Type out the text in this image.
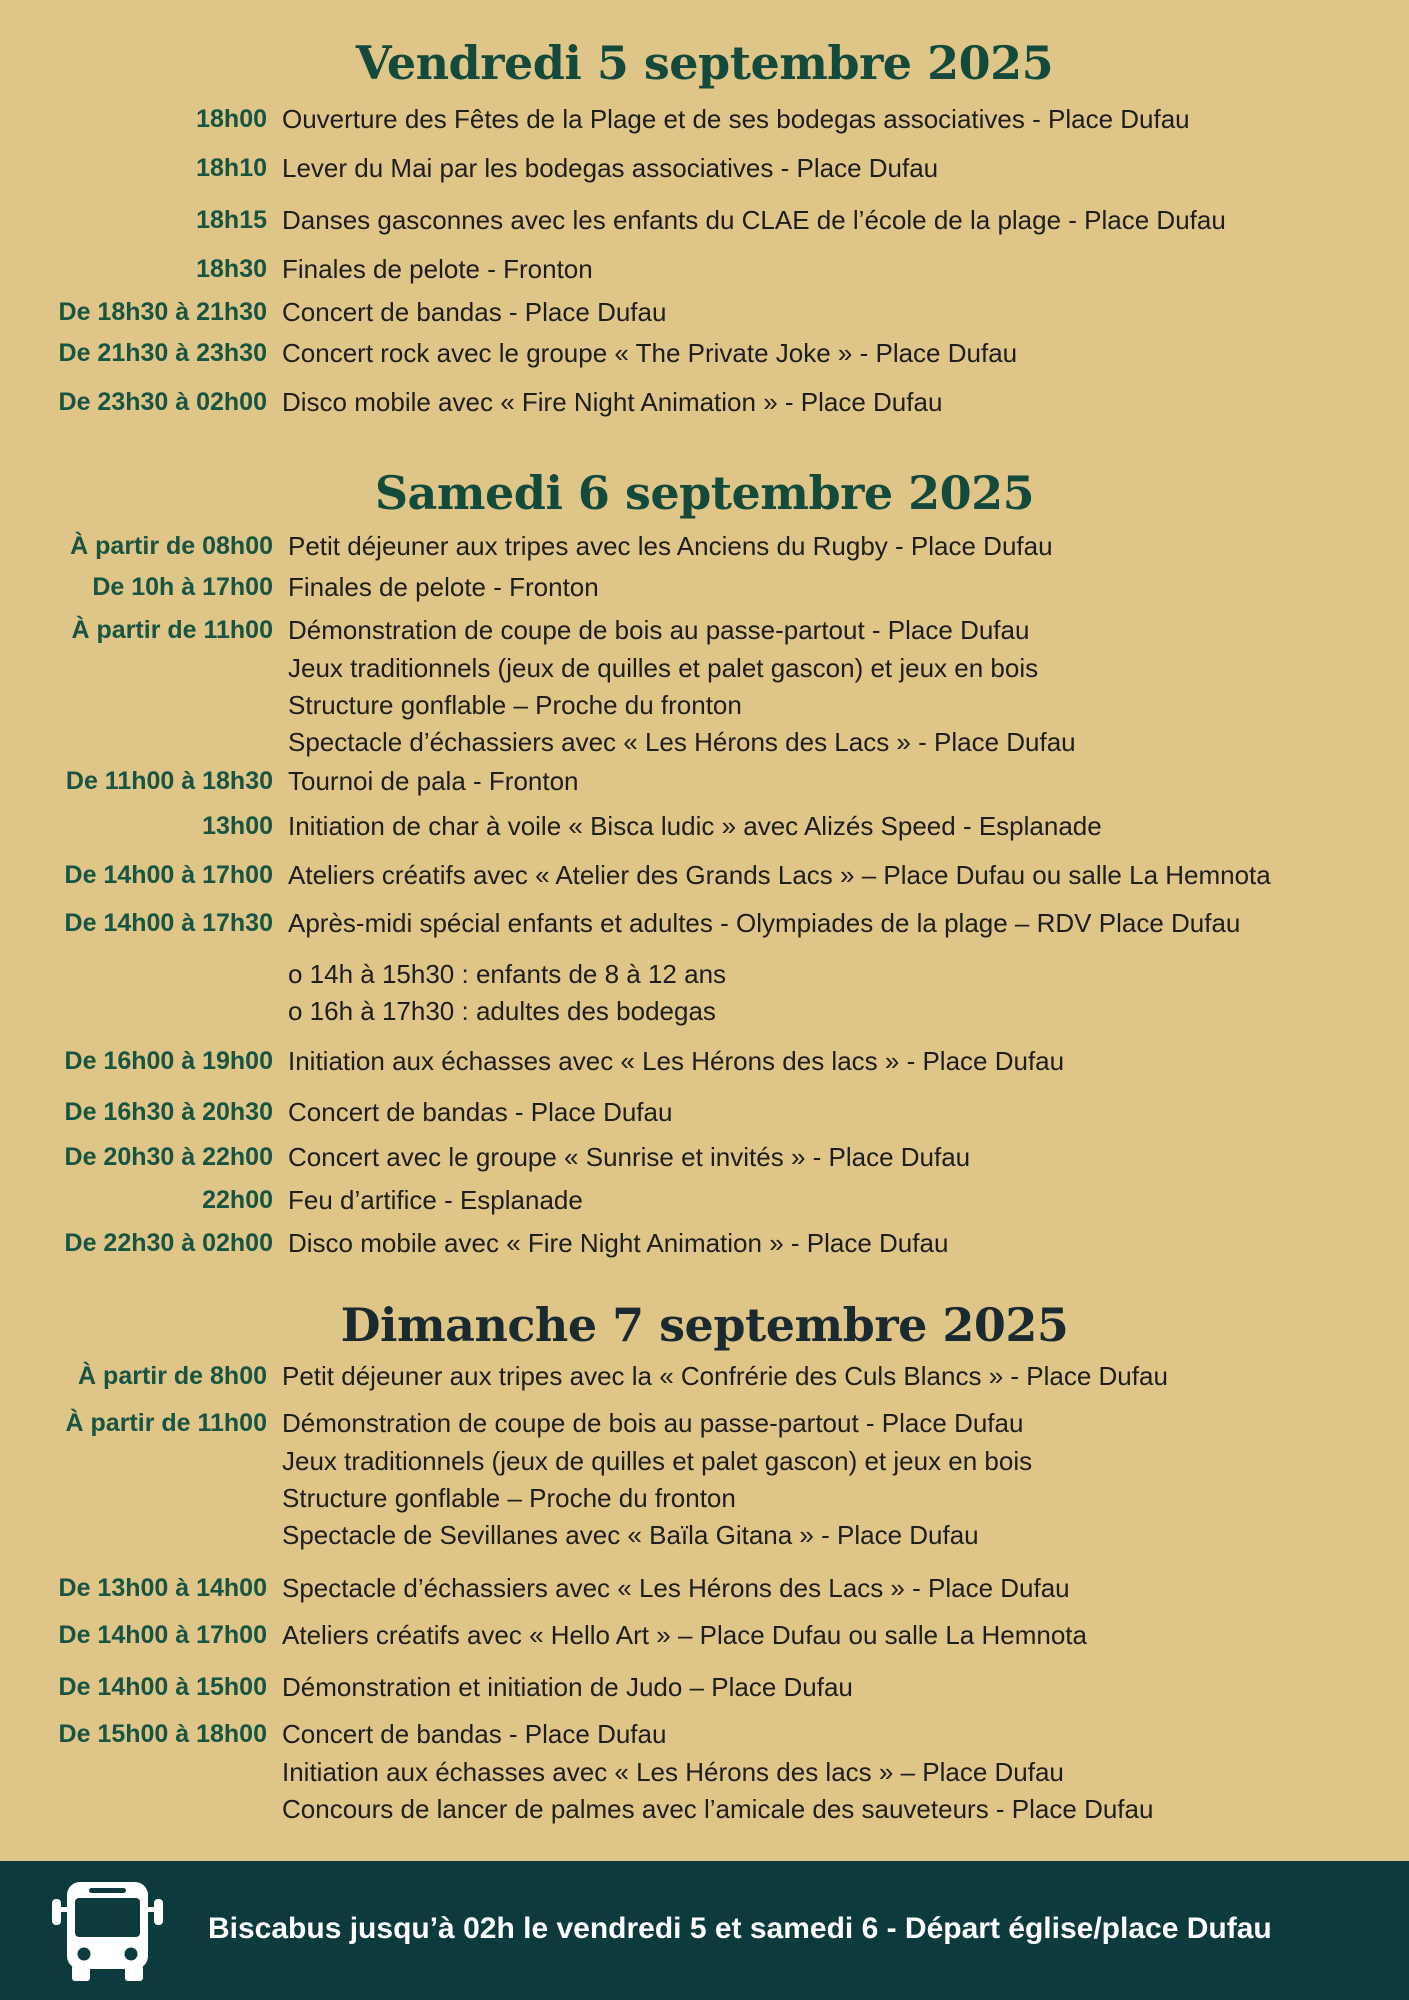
Vendredi 5 septembre 2025
18h00 Ouverture des Fêtes de la Plage et de ses bodegas associatives - Place Dufau
18h10 Lever du Mai par les bodegas associatives - Place Dufau
18h15 Danses gasconnes avec les enfants du CLAE de l’école de la plage - Place Dufau
18h30 Finales de pelote - Fronton
De 18h30 à 21h30 Concert de bandas - Place Dufau
De 21h30 à 23h30 Concert rock avec le groupe « The Private Joke » - Place Dufau
De 23h30 à 02h00 Disco mobile avec « Fire Night Animation » - Place Dufau
Samedi 6 septembre 2025
À partir de 08h00 Petit déjeuner aux tripes avec les Anciens du Rugby - Place Dufau
De 10h à 17h00 Finales de pelote - Fronton
À partir de 11h00 Démonstration de coupe de bois au passe-partout - Place Dufau
Jeux traditionnels (jeux de quilles et palet gascon) et jeux en bois
Structure gonflable – Proche du fronton
Spectacle d’échassiers avec « Les Hérons des Lacs » - Place Dufau
De 11h00 à 18h30 Tournoi de pala - Fronton
13h00 Initiation de char à voile « Bisca ludic » avec Alizés Speed - Esplanade
De 14h00 à 17h00 Ateliers créatifs avec « Atelier des Grands Lacs » – Place Dufau ou salle La Hemnota
De 14h00 à 17h30 Après-midi spécial enfants et adultes - Olympiades de la plage – RDV Place Dufau
o 14h à 15h30 : enfants de 8 à 12 ans
o 16h à 17h30 : adultes des bodegas
De 16h00 à 19h00 Initiation aux échasses avec « Les Hérons des lacs » - Place Dufau
De 16h30 à 20h30 Concert de bandas - Place Dufau
De 20h30 à 22h00 Concert avec le groupe « Sunrise et invités » - Place Dufau
22h00 Feu d’artifice - Esplanade
De 22h30 à 02h00 Disco mobile avec « Fire Night Animation » - Place Dufau
Dimanche 7 septembre 2025
À partir de 8h00 Petit déjeuner aux tripes avec la « Confrérie des Culs Blancs » - Place Dufau
À partir de 11h00 Démonstration de coupe de bois au passe-partout - Place Dufau
Jeux traditionnels (jeux de quilles et palet gascon) et jeux en bois
Structure gonflable – Proche du fronton
Spectacle de Sevillanes avec « Baïla Gitana » - Place Dufau
De 13h00 à 14h00 Spectacle d’échassiers avec « Les Hérons des Lacs » - Place Dufau
De 14h00 à 17h00 Ateliers créatifs avec « Hello Art » – Place Dufau ou salle La Hemnota
De 14h00 à 15h00 Démonstration et initiation de Judo – Place Dufau
De 15h00 à 18h00 Concert de bandas - Place Dufau
Initiation aux échasses avec « Les Hérons des lacs » – Place Dufau
Concours de lancer de palmes avec l’amicale des sauveteurs - Place Dufau
Biscabus jusqu’à 02h le vendredi 5 et samedi 6 - Départ église/place Dufau
